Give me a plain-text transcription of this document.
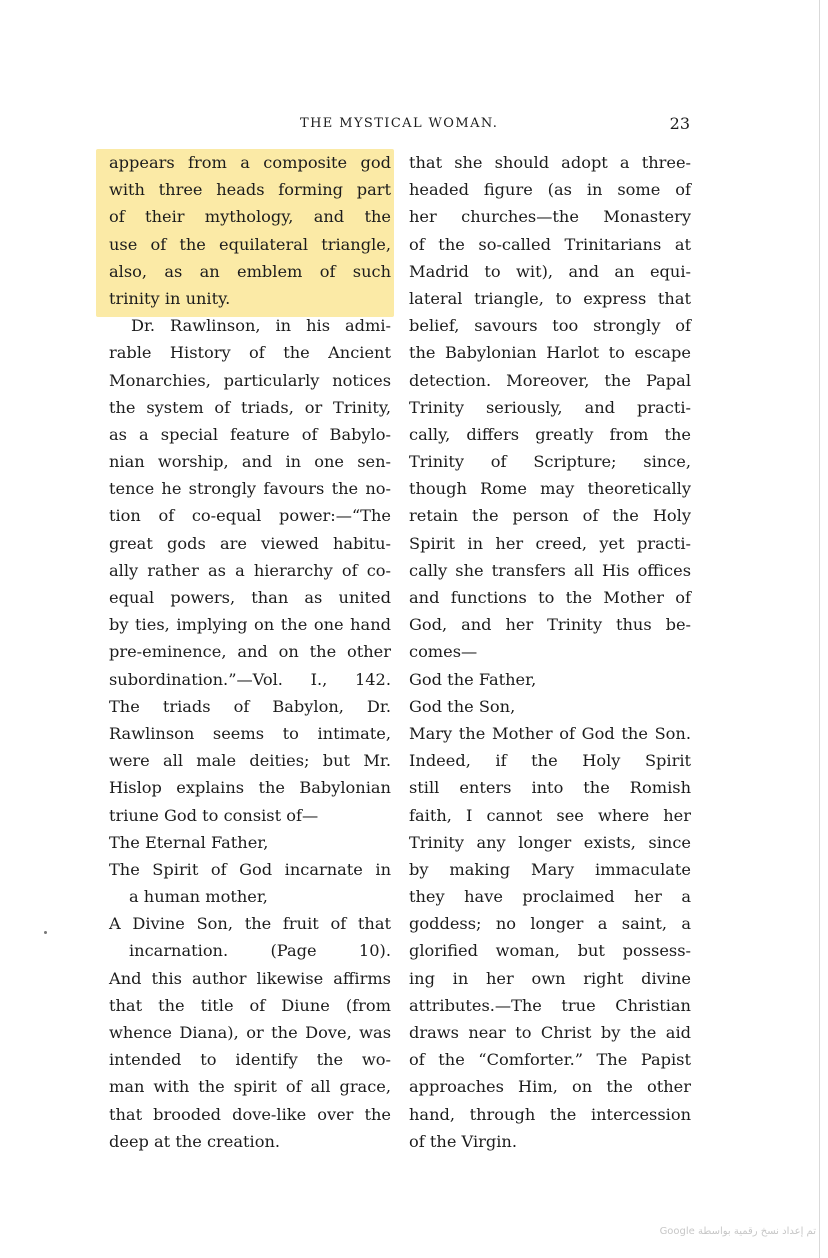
THE MYSTICAL WOMAN.	23
appears from a composite god
with three heads forming part
of their mythology, and the
use of the equilateral triangle,
also, as an emblem of such
trinity in unity.
Dr. Rawlinson, in his admi-
rable History of the Ancient
Monarchies, particularly notices
the system of triads, or Trinity,
as a special feature of Babylo-
nian worship, and in one sen-
tence he strongly favours the no-
tion of co-equal power:—“The
great gods are viewed habitu-
ally rather as a hierarchy of co-
equal powers, than as united
by ties, implying on the one hand
pre-eminence, and on the other
subordination.”—Vol. I., 142.
The triads of Babylon, Dr.
Rawlinson seems to intimate,
were all male deities; but Mr.
Hislop explains the Babylonian
triune God to consist of—
The Eternal Father,
The Spirit of God incarnate in
a human mother,
A Divine Son, the fruit of that
incarnation. (Page 10).
And this author likewise affirms
that the title of Diune (from
whence Diana), or the Dove, was
intended to identify the wo-
man with the spirit of all grace,
that brooded dove-like over the
deep at the creation.
that she should adopt a three-
headed figure (as in some of
her churches—the Monastery
of the so-called Trinitarians at
Madrid to wit), and an equi-
lateral triangle, to express that
belief, savours too strongly of
the Babylonian Harlot to escape
detection. Moreover, the Papal
Trinity seriously, and practi-
cally, differs greatly from the
Trinity of Scripture; since,
though Rome may theoretically
retain the person of the Holy
Spirit in her creed, yet practi-
cally she transfers all His offices
and functions to the Mother of
God, and her Trinity thus be-
comes—
God the Father,
God the Son,
Mary the Mother of God the Son.
Indeed, if the Holy Spirit
still enters into the Romish
faith, I cannot see where her
Trinity any longer exists, since
by making Mary immaculate
they have proclaimed her a
goddess; no longer a saint, a
glorified woman, but possess-
ing in her own right divine
attributes.—The true Christian
draws near to Christ by the aid
of the “Comforter.” The Papist
approaches Him, on the other
hand, through the intercession
of the Virgin.
تم إعداد نسخ رقمية بواسطة Google
